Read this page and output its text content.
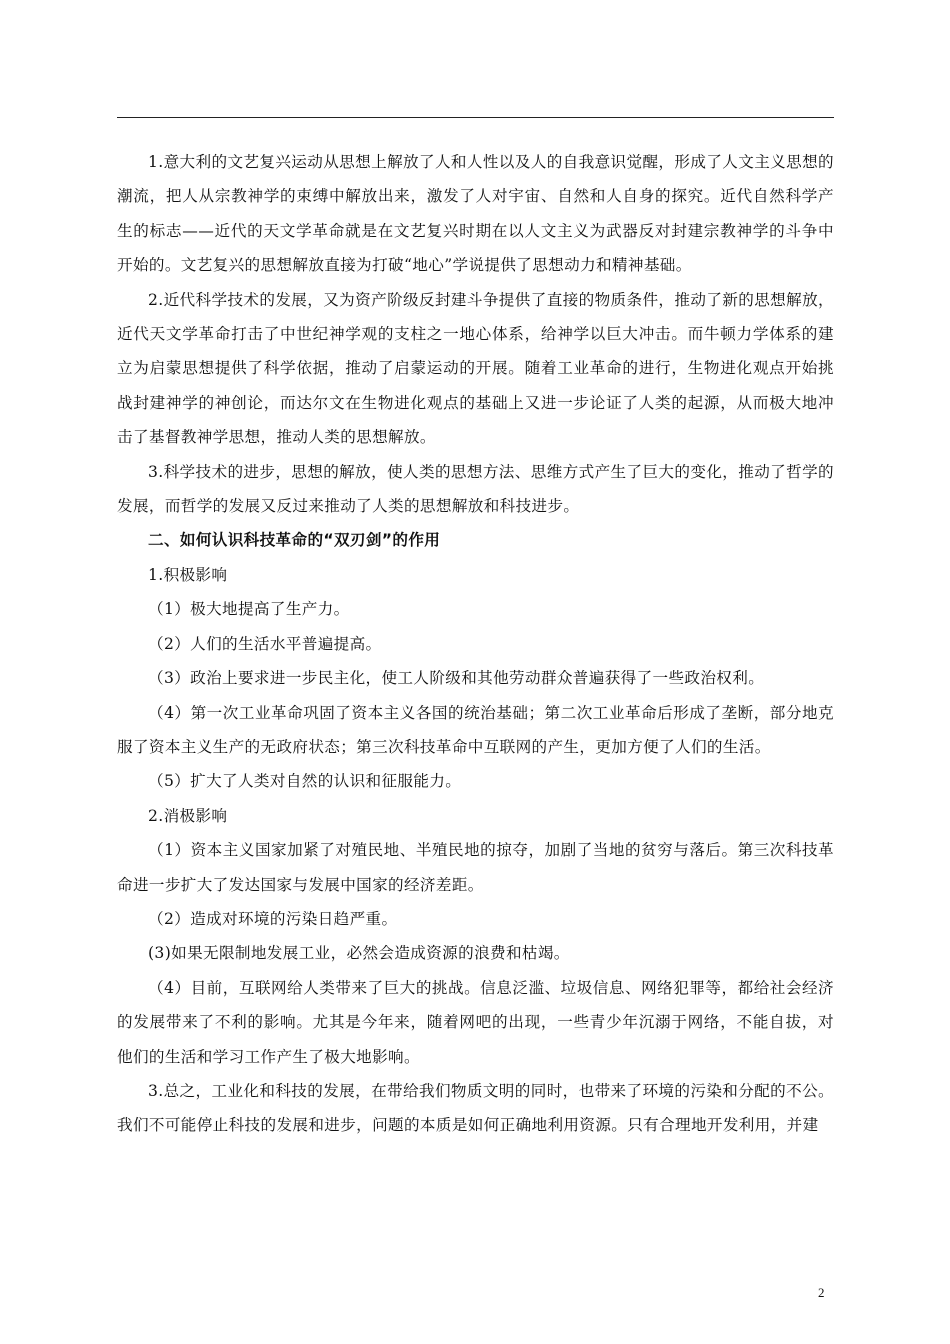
1.意大利的文艺复兴运动从思想上解放了人和人性以及人的自我意识觉醒，形成了人文主义思想的潮流，把人从宗教神学的束缚中解放出来，激发了人对宇宙、自然和人自身的探究。近代自然科学产生的标志——近代的天文学革命就是在文艺复兴时期在以人文主义为武器反对封建宗教神学的斗争中开始的。文艺复兴的思想解放直接为打破“地心”学说提供了思想动力和精神基础。

2.近代科学技术的发展，又为资产阶级反封建斗争提供了直接的物质条件，推动了新的思想解放，近代天文学革命打击了中世纪神学观的支柱之一地心体系，给神学以巨大冲击。而牛顿力学体系的建立为启蒙思想提供了科学依据，推动了启蒙运动的开展。随着工业革命的进行，生物进化观点开始挑战封建神学的神创论，而达尔文在生物进化观点的基础上又进一步论证了人类的起源，从而极大地冲击了基督教神学思想，推动人类的思想解放。

3.科学技术的进步，思想的解放，使人类的思想方法、思维方式产生了巨大的变化，推动了哲学的发展，而哲学的发展又反过来推动了人类的思想解放和科技进步。

二、如何认识科技革命的“双刃剑”的作用

1.积极影响

（1）极大地提高了生产力。

（2）人们的生活水平普遍提高。

（3）政治上要求进一步民主化，使工人阶级和其他劳动群众普遍获得了一些政治权利。

（4）第一次工业革命巩固了资本主义各国的统治基础；第二次工业革命后形成了垄断，部分地克服了资本主义生产的无政府状态；第三次科技革命中互联网的产生，更加方便了人们的生活。

（5）扩大了人类对自然的认识和征服能力。

2.消极影响

（1）资本主义国家加紧了对殖民地、半殖民地的掠夺，加剧了当地的贫穷与落后。第三次科技革命进一步扩大了发达国家与发展中国家的经济差距。

（2）造成对环境的污染日趋严重。

(3)如果无限制地发展工业，必然会造成资源的浪费和枯竭。

（4）目前，互联网给人类带来了巨大的挑战。信息泛滥、垃圾信息、网络犯罪等，都给社会经济的发展带来了不利的影响。尤其是今年来，随着网吧的出现，一些青少年沉溺于网络，不能自拔，对他们的生活和学习工作产生了极大地影响。

3.总之，工业化和科技的发展，在带给我们物质文明的同时，也带来了环境的污染和分配的不公。我们不可能停止科技的发展和进步，问题的本质是如何正确地利用资源。只有合理地开发利用，并建

2
